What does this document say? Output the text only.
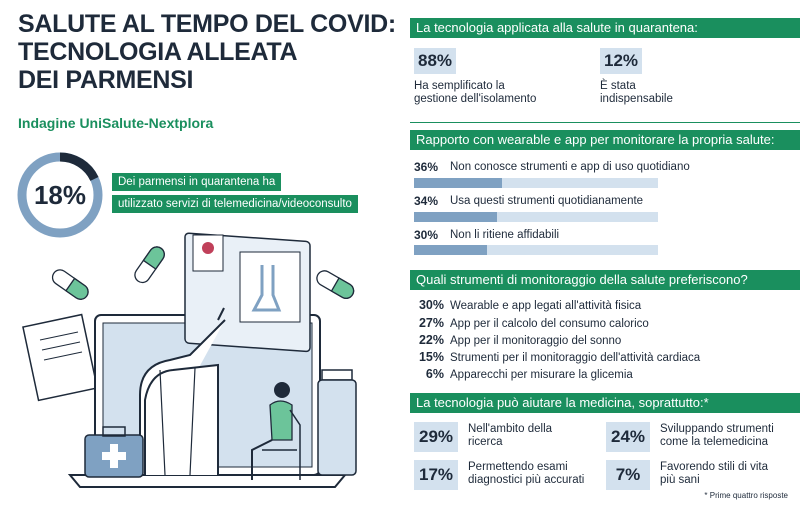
SALUTE AL TEMPO DEL COVID:
TECNOLOGIA ALLEATA
DEI PARMENSI
Indagine UniSalute-Nextplora
18%	Dei parmensi in quarantena ha
utilizzato servizi di telemedicina/videoconsulto
La tecnologia applicata alla salute in quarantena:
88%
Ha semplificato la
gestione dell'isolamento
12%
È stata
indispensabile
Rapporto con wearable e app per monitorare la propria salute:
36% Non conosce strumenti e app di uso quotidiano
34% Usa questi strumenti quotidianamente
30% Non li ritiene affidabili
Quali strumenti di monitoraggio della salute preferiscono?
30% Wearable e app legati all'attività fisica
27% App per il calcolo del consumo calorico
22% App per il monitoraggio del sonno
15% Strumenti per il monitoraggio dell'attività cardiaca
6% Apparecchi per misurare la glicemia
La tecnologia può aiutare la medicina, soprattutto:*
29%	Nell'ambito della
ricerca	24%	Sviluppando strumenti
come la telemedicina
17%	Permettendo esami
diagnostici più accurati	7%	Favorendo stili di vita
più sani
* Prime quattro risposte
